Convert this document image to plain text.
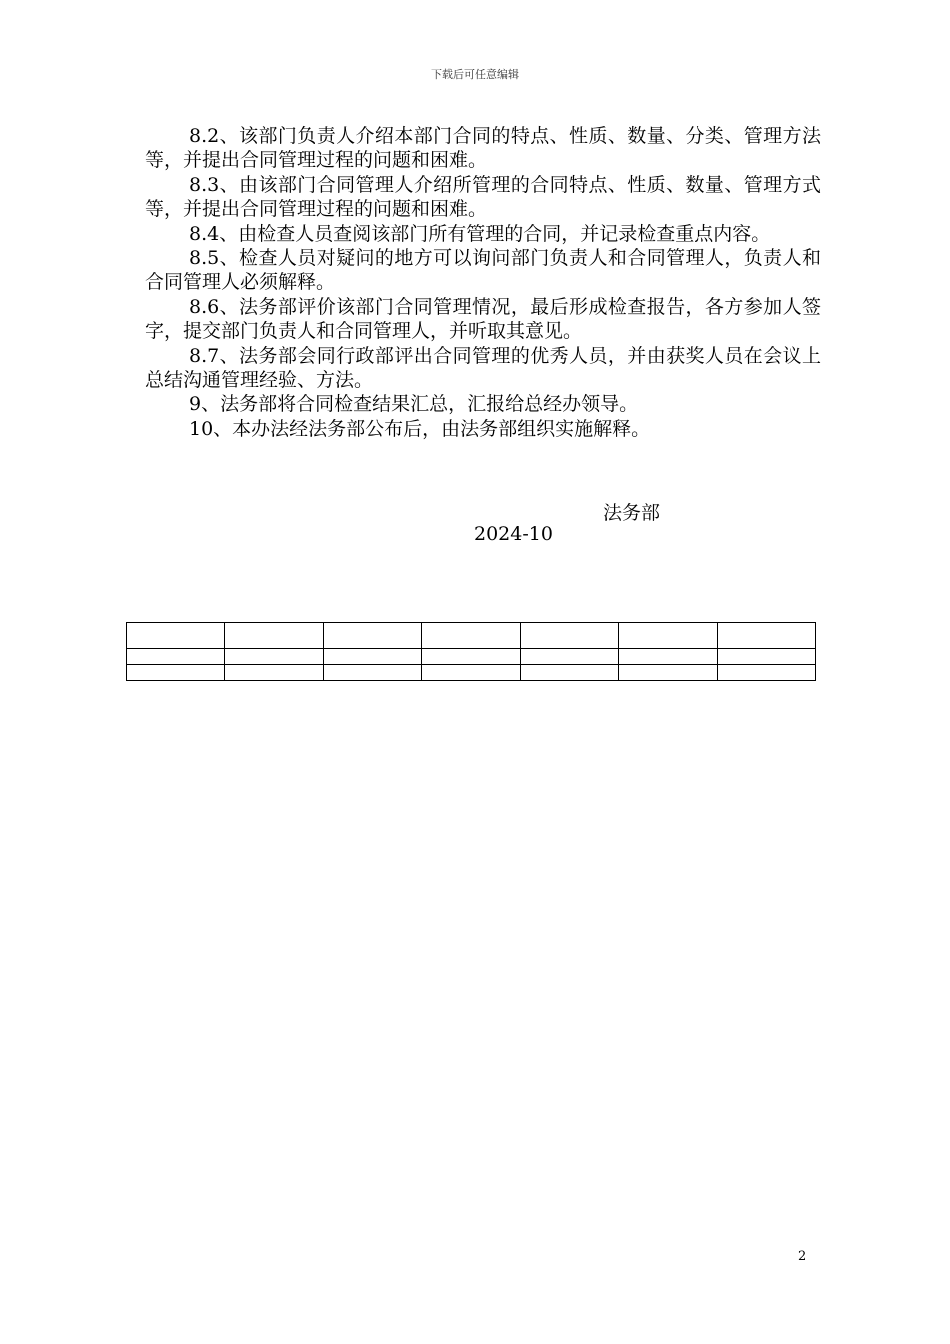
下载后可任意编辑

8.2、该部门负责人介绍本部门合同的特点、性质、数量、分类、管理方法等，并提出合同管理过程的问题和困难。

8.3、由该部门合同管理人介绍所管理的合同特点、性质、数量、管理方式等，并提出合同管理过程的问题和困难。

8.4、由检查人员查阅该部门所有管理的合同，并记录检查重点内容。

8.5、检查人员对疑问的地方可以询问部门负责人和合同管理人，负责人和合同管理人必须解释。

8.6、法务部评价该部门合同管理情况，最后形成检查报告，各方参加人签字，提交部门负责人和合同管理人，并听取其意见。

8.7、法务部会同行政部评出合同管理的优秀人员，并由获奖人员在会议上总结沟通管理经验、方法。

9、法务部将合同检查结果汇总，汇报给总经办领导。

10、本办法经法务部公布后，由法务部组织实施解释。

法务部
2024-10

2
